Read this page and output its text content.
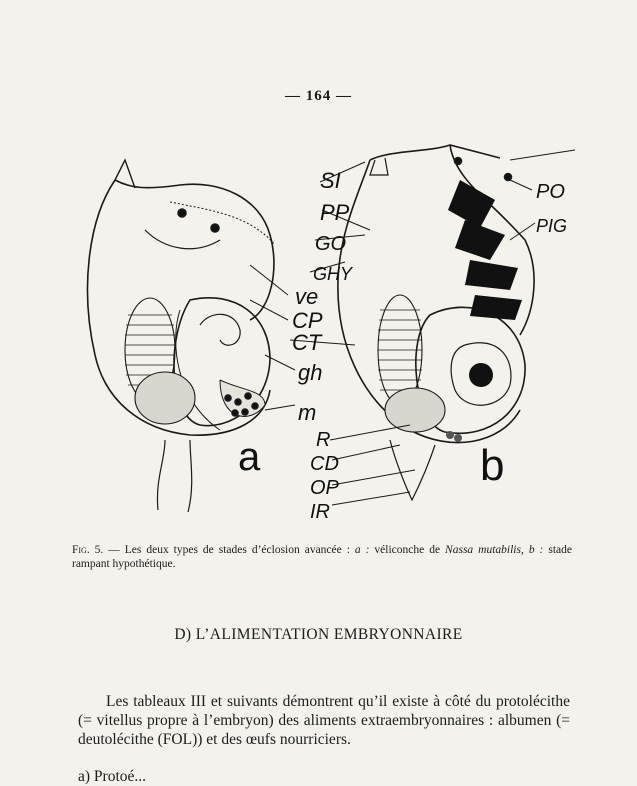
— 164 —
SI
PP
GO
GHY
ve
CP
CT
gh
m
R
CD
OP
IR
PO
PIG
a	b
Fig. 5. — Les deux types de stades d’éclosion avancée : a : véliconche de Nassa mutabilis, b : stade rampant hypothétique.
D) L’ALIMENTATION EMBRYONNAIRE

Les tableaux III et suivants démontrent qu’il existe à côté du protolécithe (= vitellus propre à l’embryon) des aliments extraembryonnaires : albumen (= deutolécithe (FOL)) et des œufs nourriciers.

a) Protoé...
